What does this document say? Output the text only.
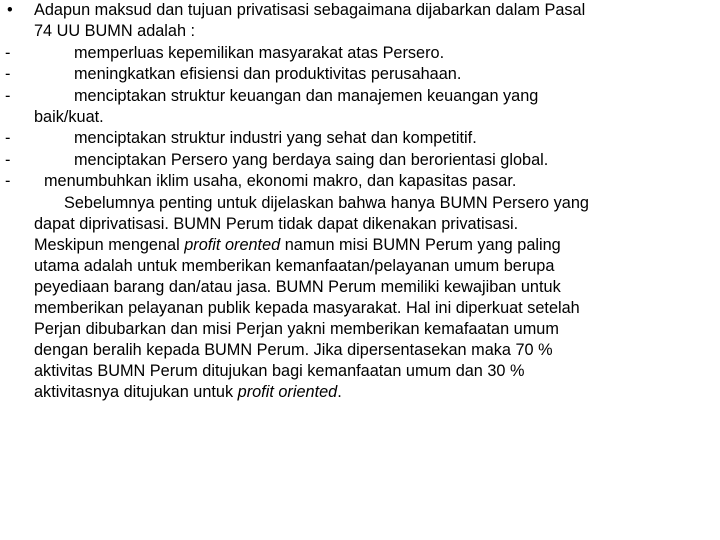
• Adapun maksud dan tujuan privatisasi sebagaimana dijabarkan dalam Pasal
74 UU BUMN adalah :
-	memperluas kepemilikan masyarakat atas Persero.
-	meningkatkan efisiensi dan produktivitas perusahaan.
-	menciptakan struktur keuangan dan manajemen keuangan yang
baik/kuat.
-	menciptakan struktur industri yang sehat dan kompetitif.
-	menciptakan Persero yang berdaya saing dan berorientasi global.
- menumbuhkan iklim usaha, ekonomi makro, dan kapasitas pasar.
Sebelumnya penting untuk dijelaskan bahwa hanya BUMN Persero yang
dapat diprivatisasi. BUMN Perum tidak dapat dikenakan privatisasi.
Meskipun mengenal profit orented namun misi BUMN Perum yang paling
utama adalah untuk memberikan kemanfaatan/pelayanan umum berupa
peyediaan barang dan/atau jasa. BUMN Perum memiliki kewajiban untuk
memberikan pelayanan publik kepada masyarakat. Hal ini diperkuat setelah
Perjan dibubarkan dan misi Perjan yakni memberikan kemafaatan umum
dengan beralih kepada BUMN Perum. Jika dipersentasekan maka 70 %
aktivitas BUMN Perum ditujukan bagi kemanfaatan umum dan 30 %
aktivitasnya ditujukan untuk profit oriented.
